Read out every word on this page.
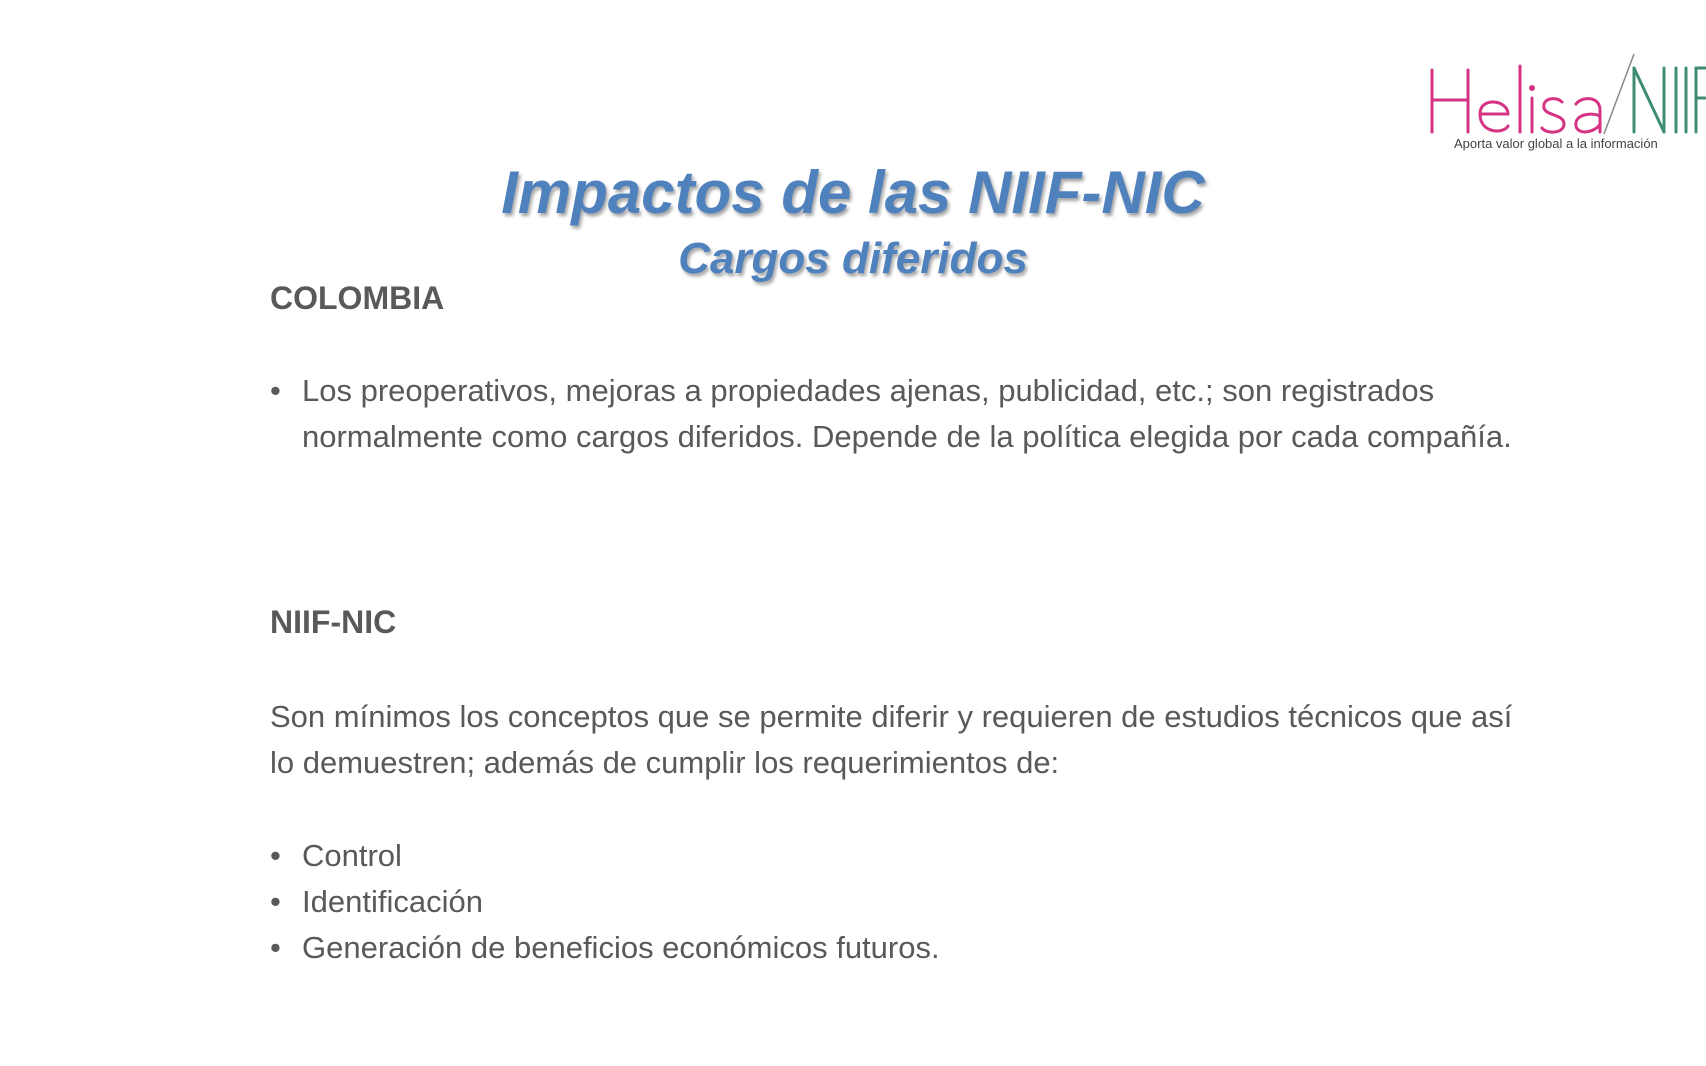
Aporta valor global a la información
Impactos de las NIIF-NIC
Cargos diferidos
COLOMBIA
• Los preoperativos, mejoras a propiedades ajenas, publicidad, etc.; son registrados normalmente como cargos diferidos. Depende de la política elegida por cada compañía.
NIIF-NIC
Son mínimos los conceptos que se permite diferir y requieren de estudios técnicos que así lo demuestren; además de cumplir los requerimientos de:
• Control
• Identificación
• Generación de beneficios económicos futuros.
